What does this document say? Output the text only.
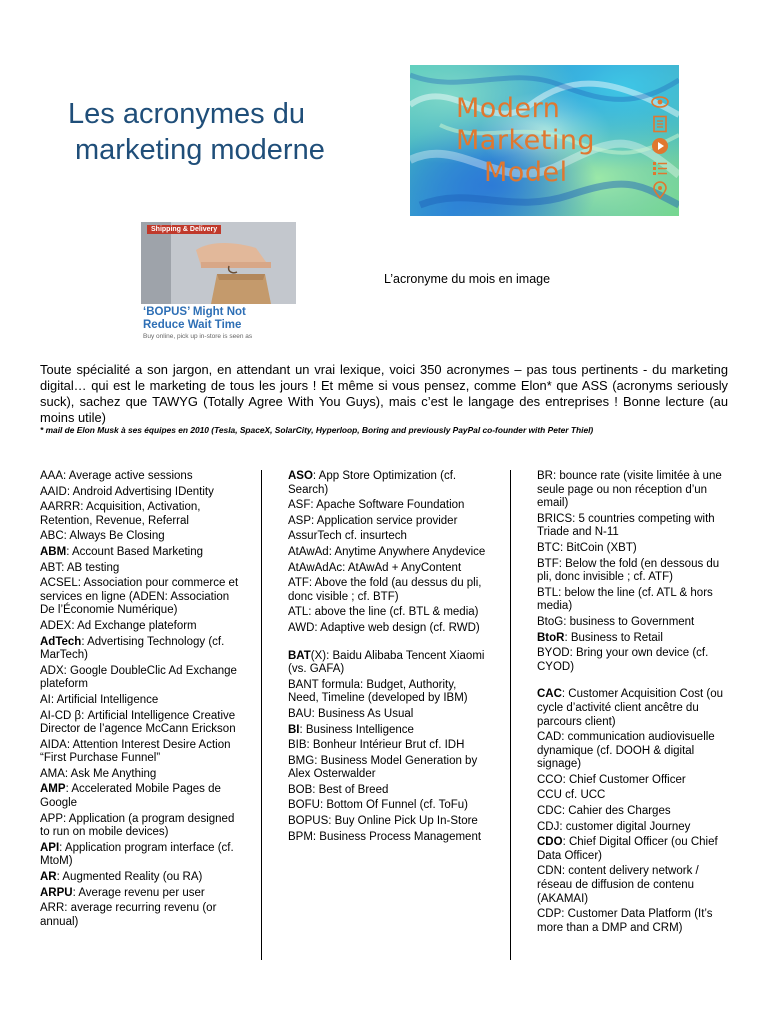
Les acronymes du
marketing moderne
Modern
Marketing
Model
Shipping & Delivery
‘BOPUS’ Might Not
Reduce Wait Time
Buy online, pick up in-store is seen as
L’acronyme du mois en image
Toute spécialité a son jargon, en attendant un vrai lexique, voici 350 acronymes – pas tous pertinents - du marketing digital… qui est le marketing de tous les jours ! Et même si vous pensez, comme Elon* que ASS (acronyms seriously suck), sachez que TAWYG (Totally Agree With You Guys), mais c’est le langage des entreprises ! Bonne lecture (au moins utile)
* mail de Elon Musk à ses équipes en 2010 (Tesla, SpaceX, SolarCity, Hyperloop, Boring and previously PayPal co-founder with Peter Thiel)
AAA: Average active sessions
AAID: Android Advertising IDentity
AARRR: Acquisition, Activation, Retention, Revenue, Referral
ABC: Always Be Closing
ABM: Account Based Marketing
ABT: AB testing
ACSEL: Association pour commerce et services en ligne (ADEN: Association De l’Économie Numérique)
ADEX: Ad Exchange plateform
AdTech: Advertising Technology (cf. MarTech)
ADX: Google DoubleClic Ad Exchange plateform
AI: Artificial Intelligence
AI-CD β: Artificial Intelligence Creative Director de l’agence McCann Erickson
AIDA: Attention Interest Desire Action “First Purchase Funnel”
AMA: Ask Me Anything
AMP: Accelerated Mobile Pages de Google
APP: Application (a program designed to run on mobile devices)
API: Application program interface (cf. MtoM)
AR: Augmented Reality (ou RA)
ARPU: Average revenu per user
ARR: average recurring revenu (or annual)
ASO: App Store Optimization (cf. Search)
ASF: Apache Software Foundation
ASP: Application service provider
AssurTech cf. insurtech
AtAwAd: Anytime Anywhere Anydevice
AtAwAdAc: AtAwAd + AnyContent
ATF: Above the fold (au dessus du pli, donc visible ; cf. BTF)
ATL: above the line (cf. BTL & media)
AWD: Adaptive web design (cf. RWD)
BAT(X): Baidu Alibaba Tencent Xiaomi (vs. GAFA)
BANT formula: Budget, Authority, Need, Timeline (developed by IBM)
BAU: Business As Usual
BI: Business Intelligence
BIB: Bonheur Intérieur Brut cf. IDH
BMG: Business Model Generation by Alex Osterwalder
BOB: Best of Breed
BOFU: Bottom Of Funnel (cf. ToFu)
BOPUS: Buy Online Pick Up In-Store
BPM: Business Process Management
BR: bounce rate (visite limitée à une seule page ou non réception d’un email)
BRICS: 5 countries competing with Triade and N-11
BTC: BitCoin (XBT)
BTF: Below the fold (en dessous du pli, donc invisible ; cf. ATF)
BTL: below the line (cf. ATL & hors media)
BtoG: business to Government
BtoR: Business to Retail
BYOD: Bring your own device (cf. CYOD)
CAC: Customer Acquisition Cost (ou cycle d’activité client ancêtre du parcours client)
CAD: communication audiovisuelle dynamique (cf. DOOH & digital signage)
CCO: Chief Customer Officer
CCU cf. UCC
CDC: Cahier des Charges
CDJ: customer digital Journey
CDO: Chief Digital Officer (ou Chief Data Officer)
CDN: content delivery network / réseau de diffusion de contenu (AKAMAI)
CDP: Customer Data Platform (It’s more than a DMP and CRM)
